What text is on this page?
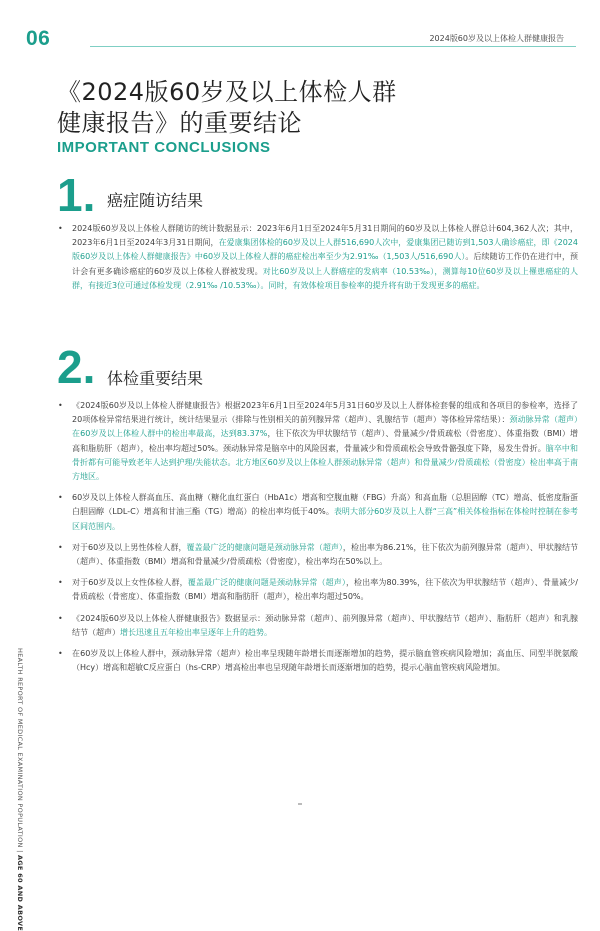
06	2024版60岁及以上体检人群健康报告
《2024版60岁及以上体检人群
健康报告》的重要结论
IMPORTANT CONCLUSIONS
1. 癌症随访结果
• 2024版60岁及以上体检人群随访的统计数据显示：2023年6月1日至2024年5月31日期间的60岁及以上体检人群总计604,362人次；其中，2023年6月1日至2024年3月31日期间，在爱康集团体检的60岁及以上人群516,690人次中，爱康集团已随访到1,503人确诊癌症，即《2024版60岁及以上体检人群健康报告》中60岁及以上体检人群的癌症检出率至少为2.91‰（1,503人/516,690人）。后续随访工作仍在进行中，预计会有更多确诊癌症的60岁及以上体检人群被发现。对比60岁及以上人群癌症的发病率（10.53‰），测算每10位60岁及以上罹患癌症的人群，有接近3位可通过体检发现（2.91‰ /10.53‰）。同时，有效体检项目参检率的提升将有助于发现更多的癌症。
2. 体检重要结果
• 《2024版60岁及以上体检人群健康报告》根据2023年6月1日至2024年5月31日60岁及以上人群体检套餐的组成和各项目的参检率，选择了20项体检异常结果进行统计，统计结果显示（排除与性别相关的前列腺异常（超声）、乳腺结节（超声）等体检异常结果）：颈动脉异常（超声）在60岁及以上体检人群中的检出率最高，达到83.37%，往下依次为甲状腺结节（超声）、骨量减少/骨质疏松（骨密度）、体重指数（BMI）增高和脂肪肝（超声），检出率均超过50%。颈动脉异常是脑卒中的风险因素，骨量减少和骨质疏松会导致骨骼强度下降，易发生骨折。脑卒中和骨折都有可能导致老年人达到护理/失能状态。北方地区60岁及以上体检人群颈动脉异常（超声）和骨量减少/骨质疏松（骨密度）检出率高于南方地区。
• 60岁及以上体检人群高血压、高血糖（糖化血红蛋白（HbA1c）增高和空腹血糖（FBG）升高）和高血脂（总胆固醇（TC）增高、低密度脂蛋白胆固醇（LDL-C）增高和甘油三酯（TG）增高）的检出率均低于40%。表明大部分60岁及以上人群“三高”相关体检指标在体检时控制在参考区间范围内。
• 对于60岁及以上男性体检人群，覆盖最广泛的健康问题是颈动脉异常（超声），检出率为86.21%，往下依次为前列腺异常（超声）、甲状腺结节（超声）、体重指数（BMI）增高和骨量减少/骨质疏松（骨密度），检出率均在50%以上。
• 对于60岁及以上女性体检人群，覆盖最广泛的健康问题是颈动脉异常（超声），检出率为80.39%，往下依次为甲状腺结节（超声）、骨量减少/骨质疏松（骨密度）、体重指数（BMI）增高和脂肪肝（超声），检出率均超过50%。
• 《2024版60岁及以上体检人群健康报告》数据显示：颈动脉异常（超声）、前列腺异常（超声）、甲状腺结节（超声）、脂肪肝（超声）和乳腺结节（超声）增长迅速且五年检出率呈逐年上升的趋势。
• 在60岁及以上体检人群中，颈动脉异常（超声）检出率呈现随年龄增长而逐渐增加的趋势，提示脑血管疾病风险增加；高血压、同型半胱氨酸（Hcy）增高和超敏C反应蛋白（hs-CRP）增高检出率也呈现随年龄增长而逐渐增加的趋势，提示心脑血管疾病风险增加。
HEALTH REPORT OF MEDICAL EXAMINATION POPULATION | AGE 60 AND ABOVE
